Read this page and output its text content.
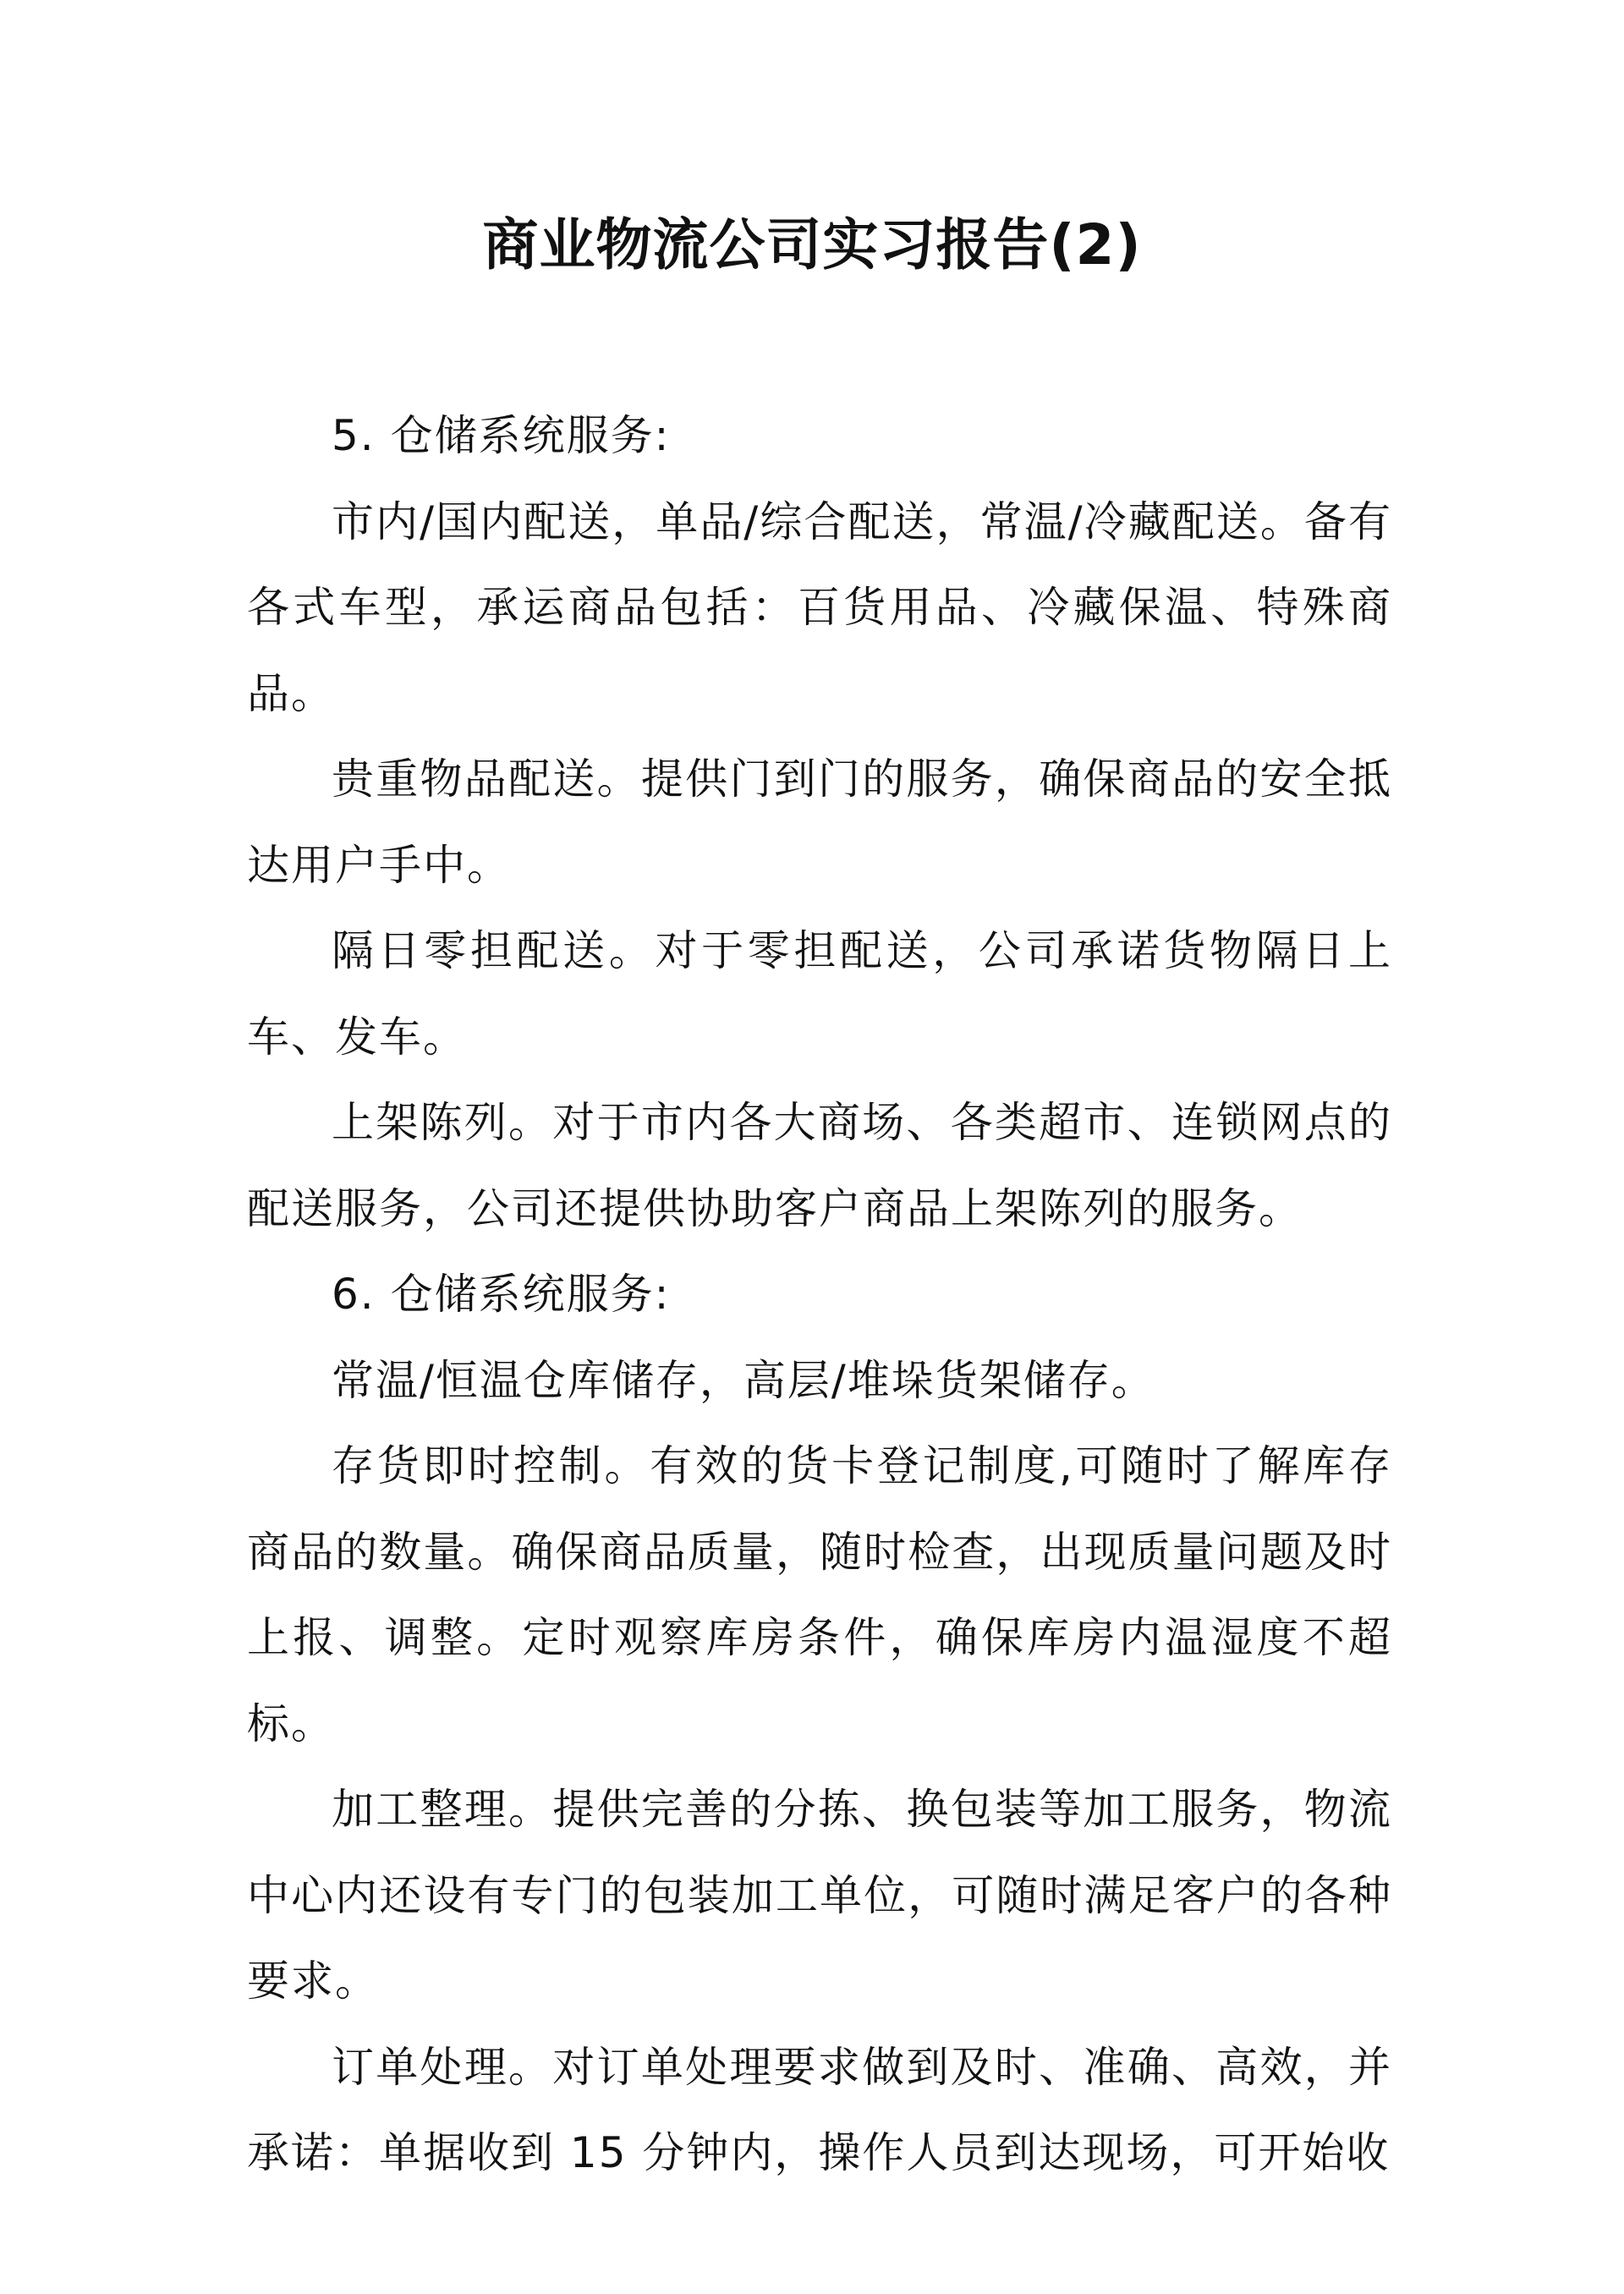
商业物流公司实习报告(2)

5. 仓储系统服务:

市内/国内配送，单品/综合配送，常温/冷藏配送。备有各式车型，承运商品包括：百货用品、冷藏保温、特殊商品。

贵重物品配送。提供门到门的服务，确保商品的安全抵达用户手中。

隔日零担配送。对于零担配送，公司承诺货物隔日上车、发车。

上架陈列。对于市内各大商场、各类超市、连锁网点的配送服务，公司还提供协助客户商品上架陈列的服务。

6. 仓储系统服务:

常温/恒温仓库储存，高层/堆垛货架储存。

存货即时控制。有效的货卡登记制度,可随时了解库存商品的数量。确保商品质量，随时检查，出现质量问题及时上报、调整。定时观察库房条件，确保库房内温湿度不超标。

加工整理。提供完善的分拣、换包装等加工服务，物流中心内还设有专门的包装加工单位，可随时满足客户的各种要求。

订单处理。对订单处理要求做到及时、准确、高效，并承诺：单据收到 15 分钟内，操作人员到达现场，可开始收
